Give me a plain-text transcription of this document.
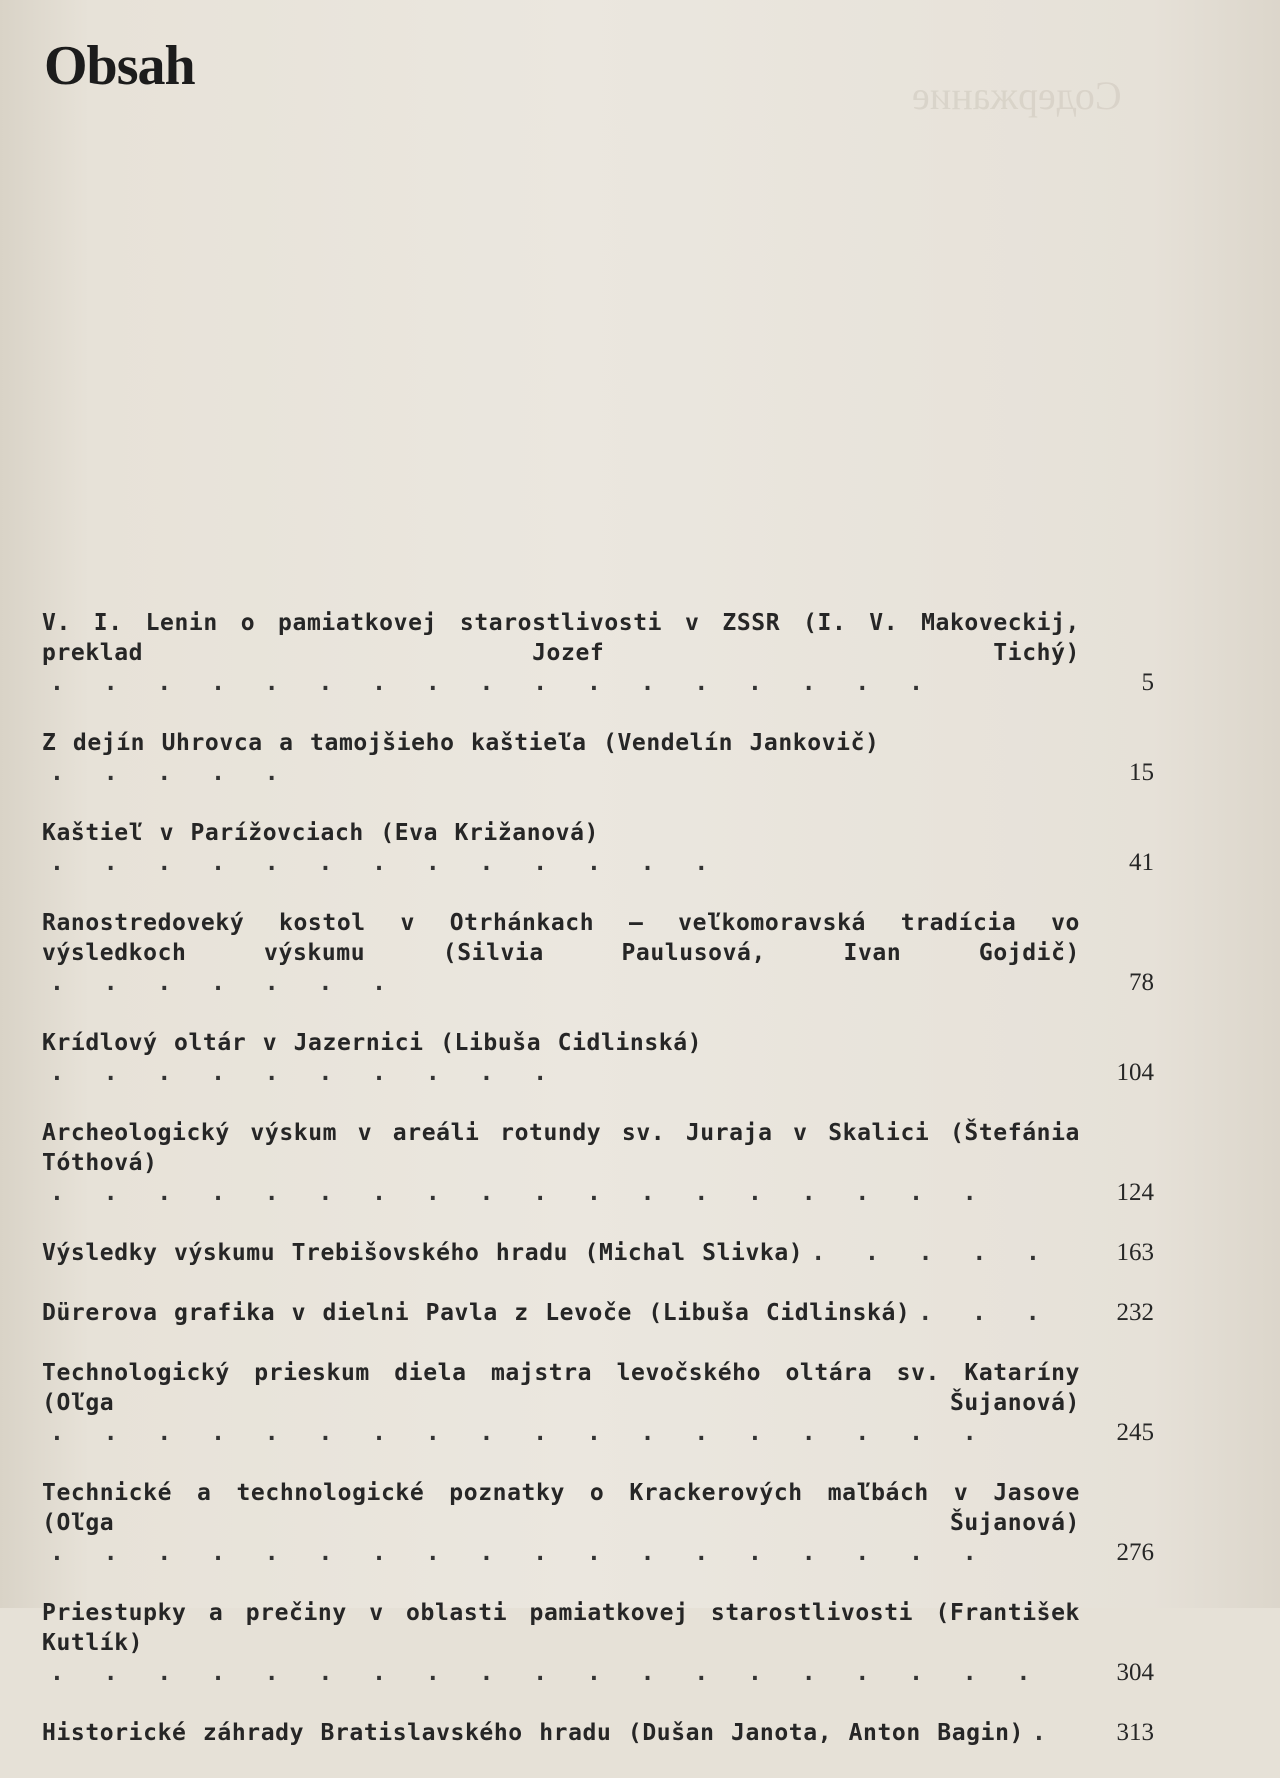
Obsah	Содержание
V. I. Lenin o pamiatkovej starostlivosti v ZSSR (I. V. Makoveckij, preklad Jozef Tichý). . . . . . . . . . . . . . . . .	5
Z dejín Uhrovca a tamojšieho kaštieľa (Vendelín Jankovič). . . . .	15
Kaštieľ v Parížovciach (Eva Križanová). . . . . . . . . . . . .	41
Ranostredoveký kostol v Otrhánkach — veľkomoravská tradícia vo výsledkoch výskumu (Silvia Paulusová, Ivan Gojdič). . . . . . .	78
Krídlový oltár v Jazernici (Libuša Cidlinská). . . . . . . . . .	104
Archeologický výskum v areáli rotundy sv. Juraja v Skalici (Štefánia Tóthová). . . . . . . . . . . . . . . . . .	124
Výsledky výskumu Trebišovského hradu (Michal Slivka) . . . . .	163
Dürerova grafika v dielni Pavla z Levoče (Libuša Cidlinská) . . .	232
Technologický prieskum diela majstra levočského oltára sv. Kataríny (Oľga Šujanová). . . . . . . . . . . . . . . . . .	245
Technické a technologické poznatky o Krackerových maľbách v Jasove (Oľga Šujanová). . . . . . . . . . . . . . . . . .	276
Priestupky a prečiny v oblasti pamiatkovej starostlivosti (František Kutlík). . . . . . . . . . . . . . . . . . .	304
Historické záhrady Bratislavského hradu (Dušan Janota, Anton Bagin) .	313
